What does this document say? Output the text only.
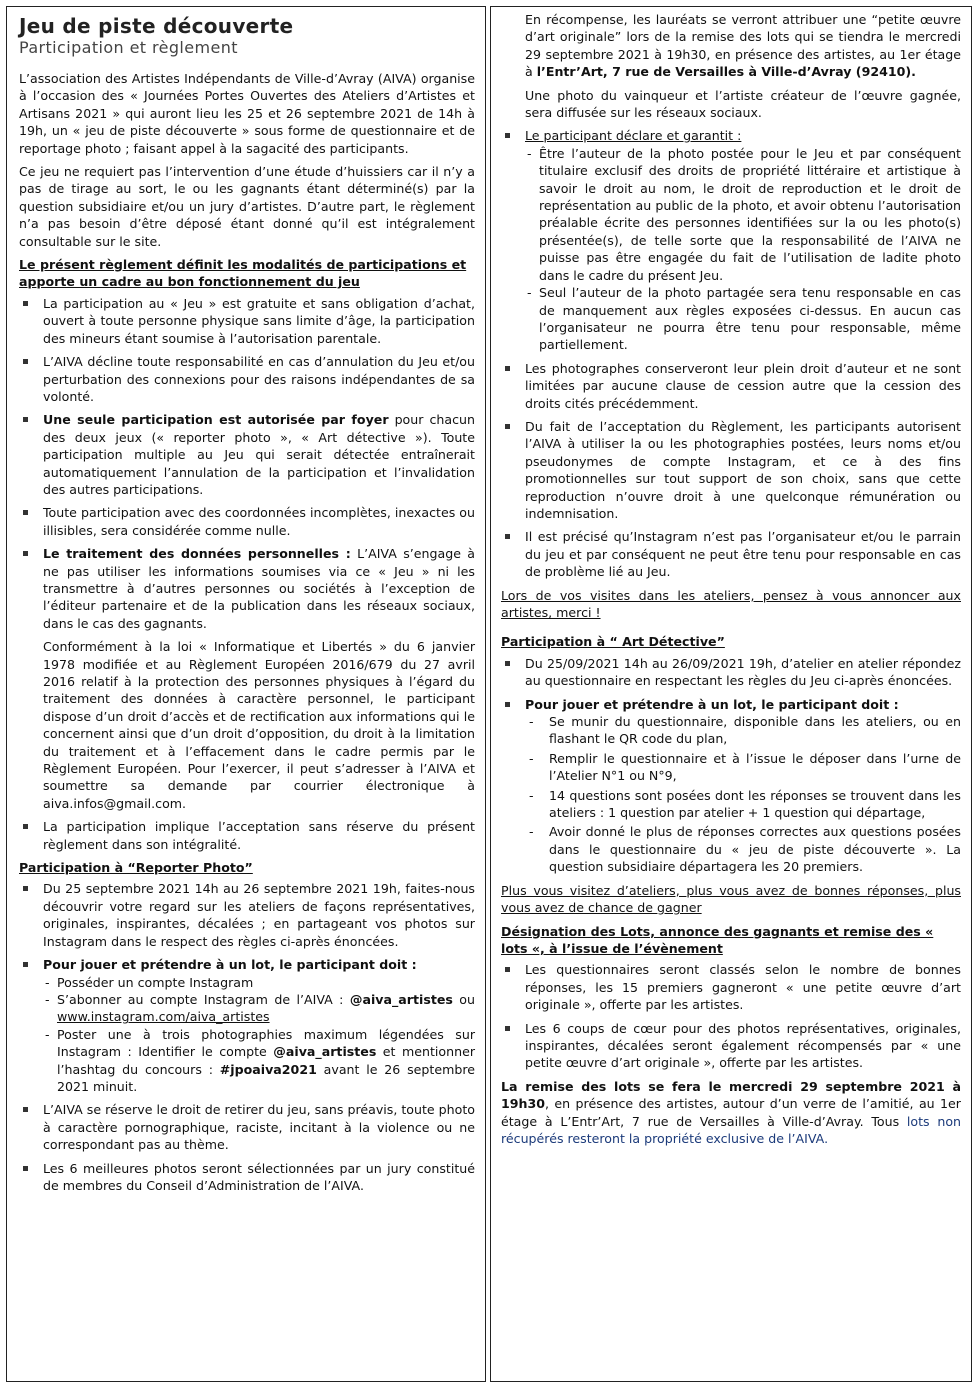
Jeu de piste découverte
Participation et règlement

L’association des Artistes Indépendants de Ville-d’Avray (AIVA) organise à l’occasion des « Journées Portes Ouvertes des Ateliers d’Artistes et Artisans 2021 » qui auront lieu les 25 et 26 septembre 2021 de 14h à 19h, un « jeu de piste découverte » sous forme de questionnaire et de reportage photo ; faisant appel à la sagacité des participants.

Ce jeu ne requiert pas l’intervention d’une étude d’huissiers car il n’y a pas de tirage au sort, le ou les gagnants étant déterminé(s) par la question subsidiaire et/ou un jury d’artistes. D’autre part, le règlement n’a pas besoin d’être déposé étant donné qu’il est intégralement consultable sur le site.

Le présent règlement définit les modalités de participations et apporte un cadre au bon fonctionnement du jeu

La participation au « Jeu » est gratuite et sans obligation d’achat, ouvert à toute personne physique sans limite d’âge, la participation des mineurs étant soumise à l’autorisation parentale.
L’AIVA décline toute responsabilité en cas d’annulation du Jeu et/ou perturbation des connexions pour des raisons indépendantes de sa volonté.
Une seule participation est autorisée par foyer pour chacun des deux jeux (« reporter photo », « Art détective »). Toute participation multiple au Jeu qui serait détectée entraînerait automatiquement l’annulation de la participation et l’invalidation des autres participations.
Toute participation avec des coordonnées incomplètes, inexactes ou illisibles, sera considérée comme nulle.
Le traitement des données personnelles : L’AIVA s’engage à ne pas utiliser les informations soumises via ce « Jeu » ni les transmettre à d’autres personnes ou sociétés à l’exception de l’éditeur partenaire et de la publication dans les réseaux sociaux, dans le cas des gagnants.

Conformément à la loi « Informatique et Libertés » du 6 janvier 1978 modifiée et au Règlement Européen 2016/679 du 27 avril 2016 relatif à la protection des personnes physiques à l’égard du traitement des données à caractère personnel, le participant dispose d’un droit d’accès et de rectification aux informations qui le concernent ainsi que d’un droit d’opposition, du droit à la limitation du traitement et à l’effacement dans le cadre permis par le Règlement Européen. Pour l’exercer, il peut s’adresser à l’AIVA et soumettre sa demande par courrier électronique à aiva.infos@gmail.com.

La participation implique l’acceptation sans réserve du présent règlement dans son intégralité.

Participation à “Reporter Photo”

Du 25 septembre 2021 14h au 26 septembre 2021 19h, faites-nous découvrir votre regard sur les ateliers de façons représentatives, originales, inspirantes, décalées ; en partageant vos photos sur Instagram dans le respect des règles ci-après énoncées.
Pour jouer et prétendre à un lot, le participant doit :
- Posséder un compte Instagram
- S’abonner au compte Instagram de l’AIVA : @aiva_artistes ou www.instagram.com/aiva_artistes
- Poster une à trois photographies maximum légendées sur Instagram : Identifier le compte @aiva_artistes et mentionner l’hashtag du concours : #jpoaiva2021 avant le 26 septembre 2021 minuit.
L’AIVA se réserve le droit de retirer du jeu, sans préavis, toute photo à caractère pornographique, raciste, incitant à la violence ou ne correspondant pas au thème.
Les 6 meilleures photos seront sélectionnées par un jury constitué de membres du Conseil d’Administration de l’AIVA.

En récompense, les lauréats se verront attribuer une “petite œuvre d’art originale” lors de la remise des lots qui se tiendra le mercredi 29 septembre 2021 à 19h30, en présence des artistes, au 1er étage à l’Entr’Art, 7 rue de Versailles à Ville-d’Avray (92410).

Une photo du vainqueur et l’artiste créateur de l’œuvre gagnée, sera diffusée sur les réseaux sociaux.

Le participant déclare et garantit :
- Être l’auteur de la photo postée pour le Jeu et par conséquent titulaire exclusif des droits de propriété littéraire et artistique à savoir le droit au nom, le droit de reproduction et le droit de représentation au public de la photo, et avoir obtenu l’autorisation préalable écrite des personnes identifiées sur la ou les photo(s) présentée(s), de telle sorte que la responsabilité de l’AIVA ne puisse pas être engagée du fait de l’utilisation de ladite photo dans le cadre du présent Jeu.
- Seul l’auteur de la photo partagée sera tenu responsable en cas de manquement aux règles exposées ci-dessus. En aucun cas l’organisateur ne pourra être tenu pour responsable, même partiellement.
Les photographes conserveront leur plein droit d’auteur et ne sont limitées par aucune clause de cession autre que la cession des droits cités précédemment.
Du fait de l’acceptation du Règlement, les participants autorisent l’AIVA à utiliser la ou les photographies postées, leurs noms et/ou pseudonymes de compte Instagram, et ce à des fins promotionnelles sur tout support de son choix, sans que cette reproduction n’ouvre droit à une quelconque rémunération ou indemnisation.
Il est précisé qu’Instagram n’est pas l’organisateur et/ou le parrain du jeu et par conséquent ne peut être tenu pour responsable en cas de problème lié au Jeu.

Lors de vos visites dans les ateliers, pensez à vous annoncer aux artistes, merci !

Participation à “ Art Détective”

Du 25/09/2021 14h au 26/09/2021 19h, d’atelier en atelier répondez au questionnaire en respectant les règles du Jeu ci-après énoncées.
Pour jouer et prétendre à un lot, le participant doit :
- Se munir du questionnaire, disponible dans les ateliers, ou en flashant le QR code du plan,
- Remplir le questionnaire et à l’issue le déposer dans l’urne de l’Atelier N°1 ou N°9,
- 14 questions sont posées dont les réponses se trouvent dans les ateliers : 1 question par atelier + 1 question qui départage,
- Avoir donné le plus de réponses correctes aux questions posées dans le questionnaire du « jeu de piste découverte ». La question subsidiaire départagera les 20 premiers.

Plus vous visitez d’ateliers, plus vous avez de bonnes réponses, plus vous avez de chance de gagner

Désignation des Lots, annonce des gagnants et remise des « lots «, à l’issue de l’évènement

Les questionnaires seront classés selon le nombre de bonnes réponses, les 15 premiers gagneront « une petite œuvre d’art originale », offerte par les artistes.
Les 6 coups de cœur pour des photos représentatives, originales, inspirantes, décalées seront également récompensés par « une petite œuvre d’art originale », offerte par les artistes.

La remise des lots se fera le mercredi 29 septembre 2021 à 19h30, en présence des artistes, autour d’un verre de l’amitié, au 1er étage à L’Entr’Art, 7 rue de Versailles à Ville-d’Avray. Tous lots non récupérés resteront la propriété exclusive de l’AIVA.
